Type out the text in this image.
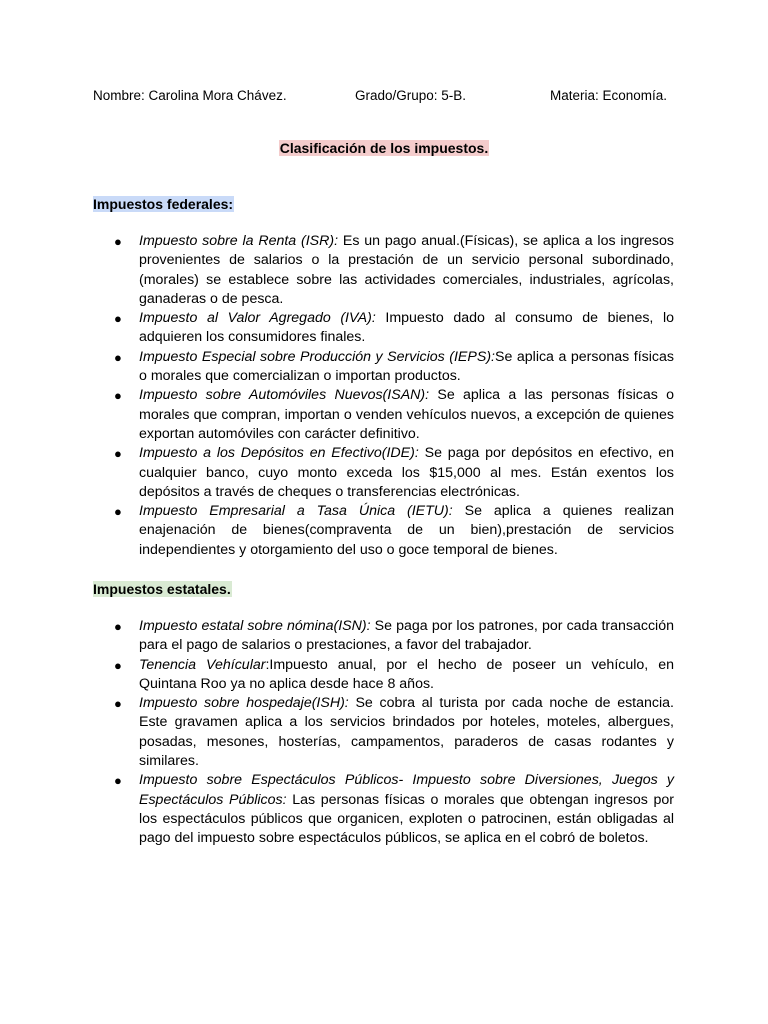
Nombre: Carolina Mora Chávez.	Grado/Grupo: 5-B.	Materia: Economía.
Clasificación de los impuestos.
Impuestos federales:
● Impuesto sobre la Renta (ISR): Es un pago anual.(Físicas), se aplica a los ingresos provenientes de salarios o la prestación de un servicio personal subordinado,(morales) se establece sobre las actividades comerciales, industriales, agrícolas, ganaderas o de pesca.
● Impuesto al Valor Agregado (IVA): Impuesto dado al consumo de bienes, lo adquieren los consumidores finales.
● Impuesto Especial sobre Producción y Servicios (IEPS):Se aplica a personas físicas o morales que comercializan o importan productos.
● Impuesto sobre Automóviles Nuevos(ISAN): Se aplica a las personas físicas o morales que compran, importan o venden vehículos nuevos, a excepción de quienes exportan automóviles con carácter definitivo.
● Impuesto a los Depósitos en Efectivo(IDE): Se paga por depósitos en efectivo, en cualquier banco, cuyo monto exceda los $15,000 al mes. Están exentos los depósitos a través de cheques o transferencias electrónicas.
● Impuesto Empresarial a Tasa Única (IETU): Se aplica a quienes realizan enajenación de bienes(compraventa de un bien),prestación de servicios independientes y otorgamiento del uso o goce temporal de bienes.
Impuestos estatales.
● Impuesto estatal sobre nómina(ISN): Se paga por los patrones, por cada transacción para el pago de salarios o prestaciones, a favor del trabajador.
● Tenencia Vehícular:Impuesto anual, por el hecho de poseer un vehículo, en Quintana Roo ya no aplica desde hace 8 años.
● Impuesto sobre hospedaje(ISH): Se cobra al turista por cada noche de estancia. Este gravamen aplica a los servicios brindados por hoteles, moteles, albergues, posadas, mesones, hosterías, campamentos, paraderos de casas rodantes y similares.
● Impuesto sobre Espectáculos Públicos- Impuesto sobre Diversiones, Juegos y Espectáculos Públicos: Las personas físicas o morales que obtengan ingresos por los espectáculos públicos que organicen, exploten o patrocinen, están obligadas al pago del impuesto sobre espectáculos públicos, se aplica en el cobró de boletos.
